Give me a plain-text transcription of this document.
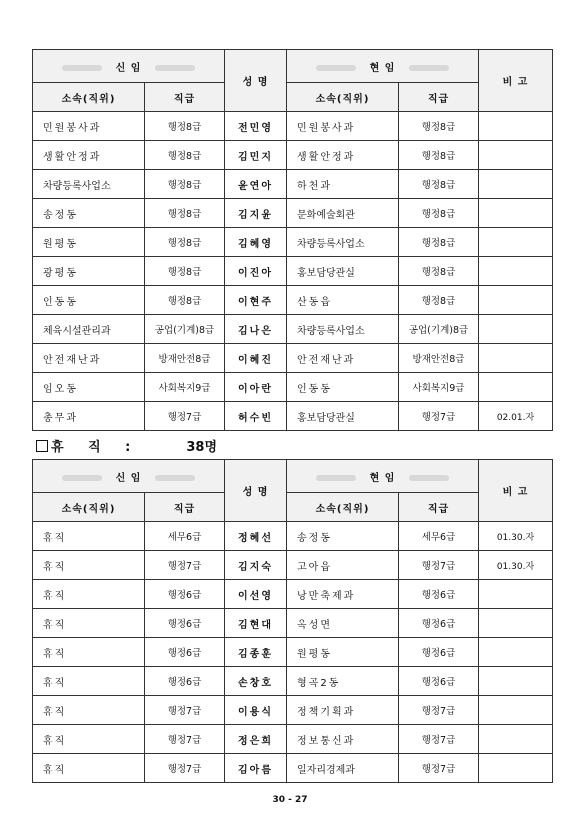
신 임		성 명	현 임		비 고
소속(직위)	직급		소속(직위)	직급	
민원봉사과	행정8급	전민영	민원봉사과	행정8급	
생활안정과	행정8급	김민지	생활안정과	행정8급	
차량등록사업소	행정8급	윤연아	하천과	행정8급	
송정동	행정8급	김지윤	문화예술회관	행정8급	
원평동	행정8급	김혜영	차량등록사업소	행정8급	
광평동	행정8급	이진아	홍보담당관실	행정8급	
인동동	행정8급	이현주	산동읍	행정8급	
체육시설관리과	공업(기계)8급	김나은	차량등록사업소	공업(기계)8급	
안전재난과	방재안전8급	이혜진	안전재난과	방재안전8급	
임오동	사회복지9급	이아란	인동동	사회복지9급	
총무과	행정7급	허수빈	홍보담당관실	행정7급	02.01.자
휴 직 :	38명
신 임		성 명	현 임		비 고
소속(직위)	직급		소속(직위)	직급	
휴직	세무6급	정혜선	송정동	세무6급	01.30.자
휴직	행정7급	김지숙	고아읍	행정7급	01.30.자
휴직	행정6급	이선영	낭만축제과	행정6급	
휴직	행정6급	김현대	옥성면	행정6급	
휴직	행정6급	김종훈	원평동	행정6급	
휴직	행정6급	손창호	형곡2동	행정6급	
휴직	행정7급	이용식	정책기획과	행정7급	
휴직	행정7급	정은희	정보통신과	행정7급	
휴직	행정7급	김아름	일자리경제과	행정7급	
30 - 27
